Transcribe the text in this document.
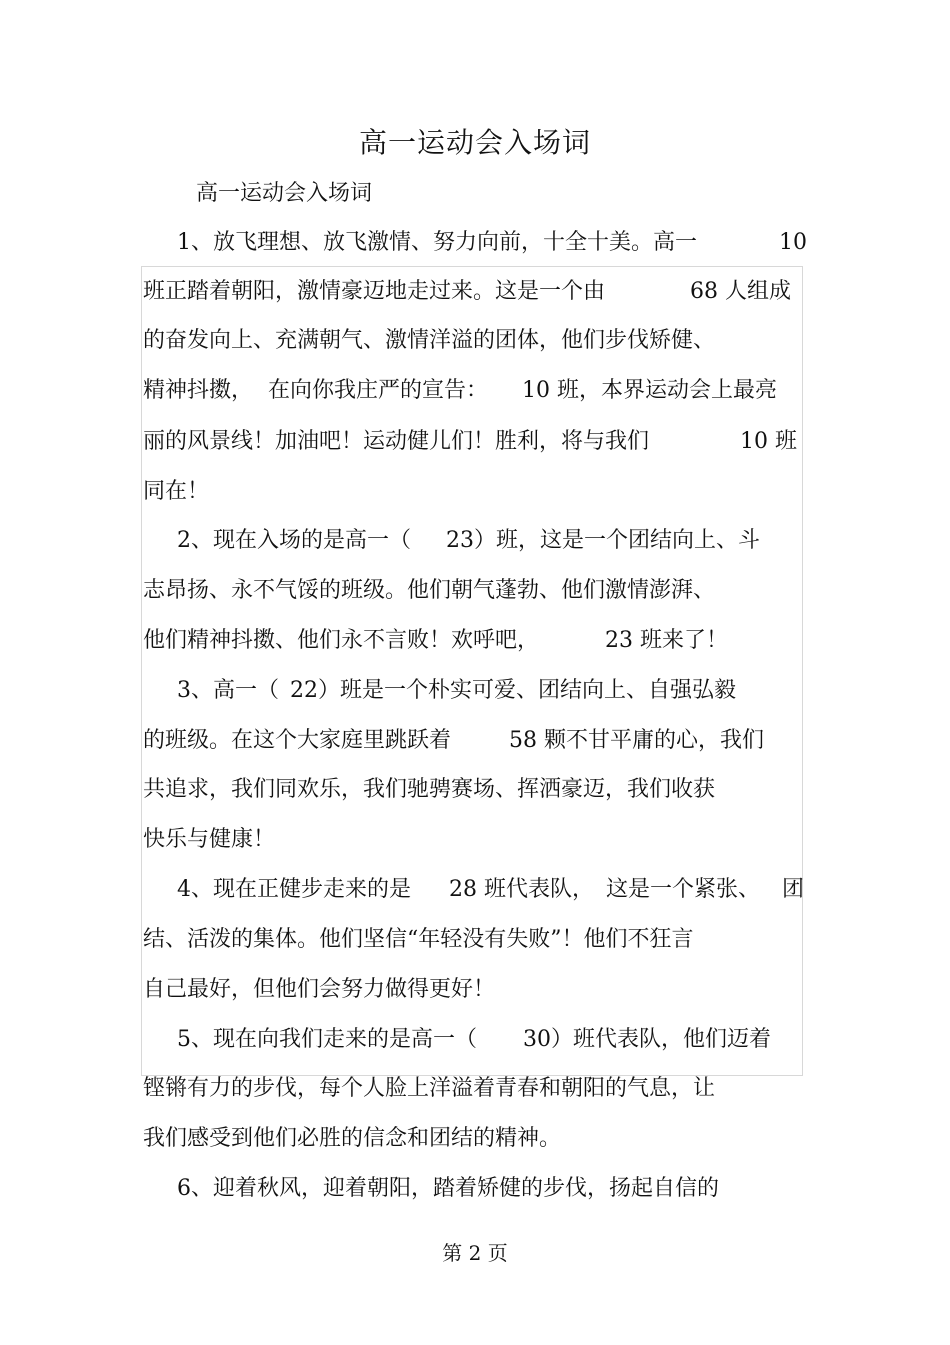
高一运动会入场词
高一运动会入场词
1、放飞理想、放飞激情、努力向前，十全十美。高一	10
班正踏着朝阳，激情豪迈地走过来。这是一个由	68 人组成
的奋发向上、充满朝气、激情洋溢的团体，他们步伐矫健、
精神抖擞， 在向你我庄严的宣告： 10 班，本界运动会上最亮
丽的风景线！加油吧！运动健儿们！胜利，将与我们	10 班
同在！
2、现在入场的是高一（ 23）班，这是一个团结向上、斗
志昂扬、永不气馁的班级。他们朝气蓬勃、他们激情澎湃、
他们精神抖擞、他们永不言败！欢呼吧，	23 班来了！
3、高一（ 22）班是一个朴实可爱、团结向上、自强弘毅
的班级。在这个大家庭里跳跃着	58 颗不甘平庸的心，我们
共追求，我们同欢乐，我们驰骋赛场、挥洒豪迈，我们收获
快乐与健康！
4、现在正健步走来的是 28 班代表队， 这是一个紧张、 团
结、活泼的集体。他们坚信“年轻没有失败”！他们不狂言
自己最好，但他们会努力做得更好！
5、现在向我们走来的是高一（ 30）班代表队，他们迈着
铿锵有力的步伐，每个人脸上洋溢着青春和朝阳的气息，让
我们感受到他们必胜的信念和团结的精神。
6、迎着秋风，迎着朝阳，踏着矫健的步伐，扬起自信的
第 2 页
